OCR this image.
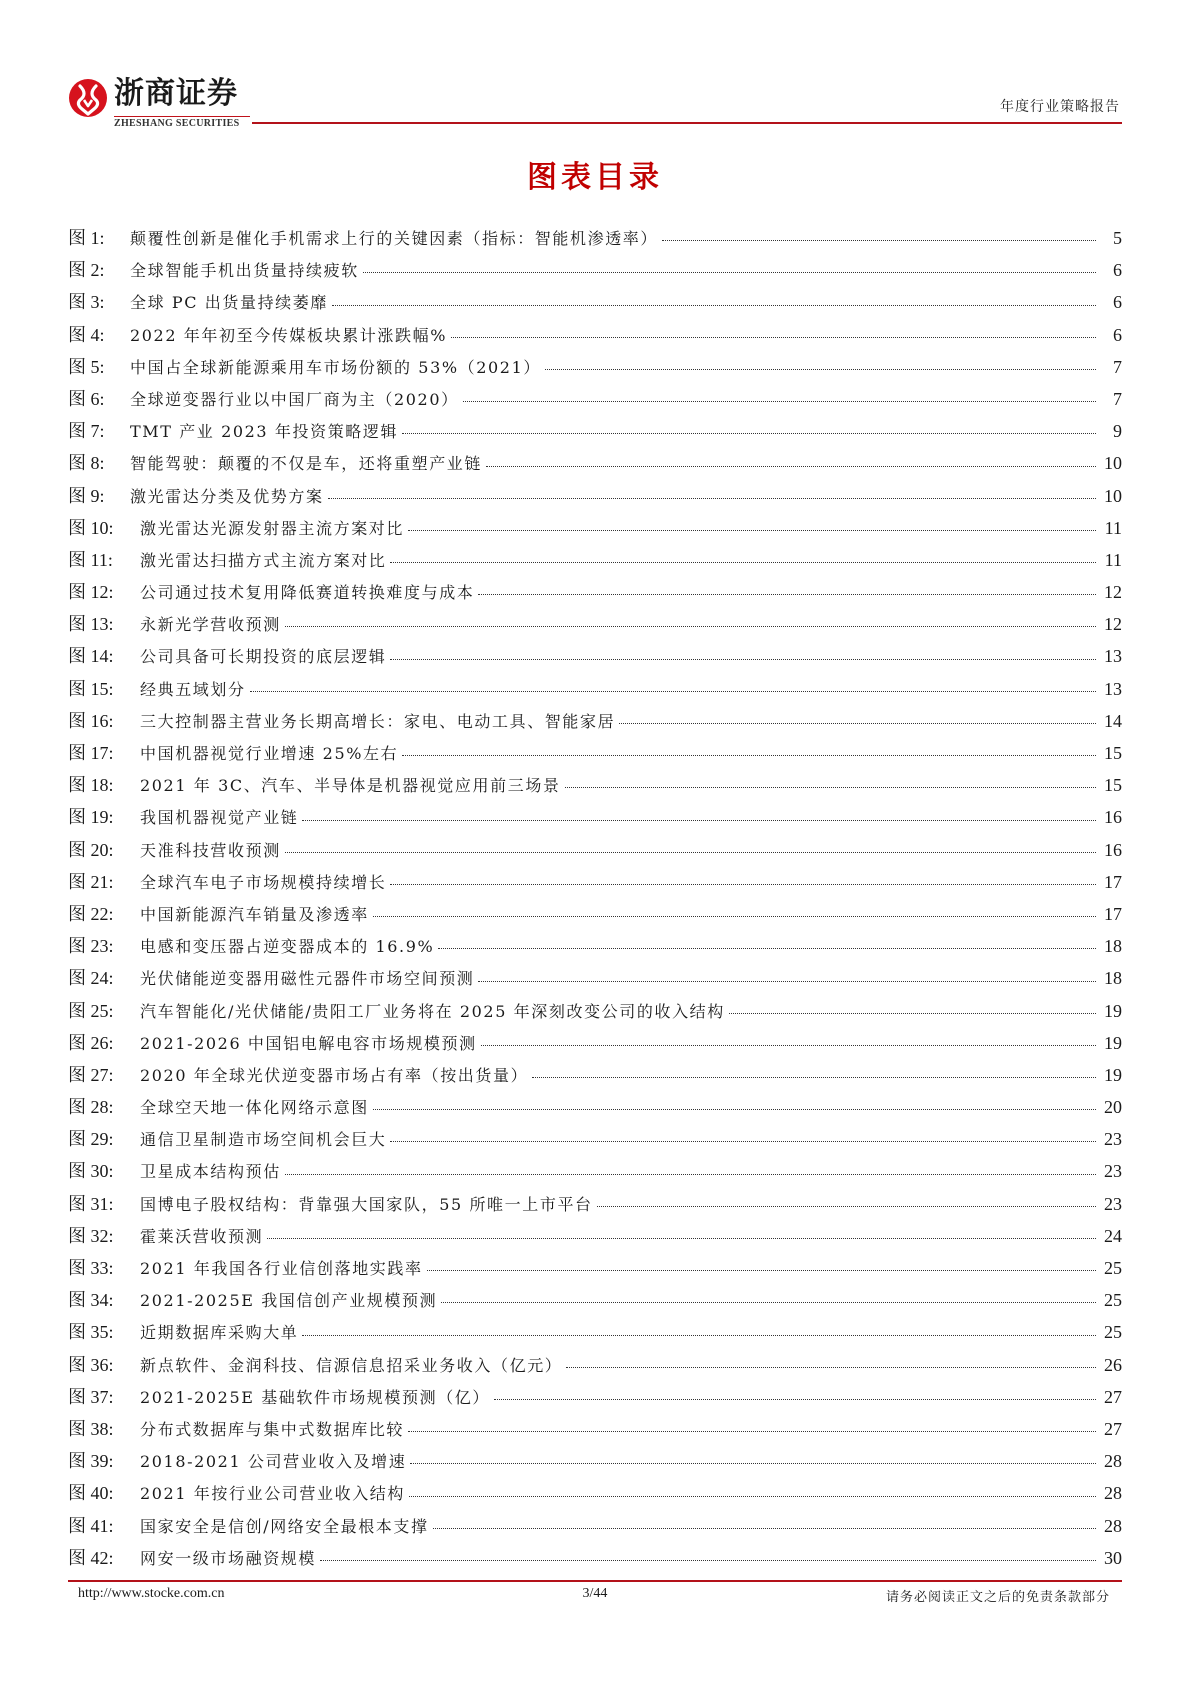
浙商证券
ZHESHANG SECURITIES
年度行业策略报告
图表目录
图 1:	颠覆性创新是催化手机需求上行的关键因素（指标：智能机渗透率）	5
图 2:	全球智能手机出货量持续疲软	6
图 3:	全球 PC 出货量持续萎靡	6
图 4:	2022 年年初至今传媒板块累计涨跌幅%	6
图 5:	中国占全球新能源乘用车市场份额的 53%（2021）	7
图 6:	全球逆变器行业以中国厂商为主（2020）	7
图 7:	TMT 产业 2023 年投资策略逻辑	9
图 8:	智能驾驶：颠覆的不仅是车，还将重塑产业链	10
图 9:	激光雷达分类及优势方案	10
图 10:	激光雷达光源发射器主流方案对比	11
图 11:	激光雷达扫描方式主流方案对比	11
图 12:	公司通过技术复用降低赛道转换难度与成本	12
图 13:	永新光学营收预测	12
图 14:	公司具备可长期投资的底层逻辑	13
图 15:	经典五域划分	13
图 16:	三大控制器主营业务长期高增长：家电、电动工具、智能家居	14
图 17:	中国机器视觉行业增速 25%左右	15
图 18:	2021 年 3C、汽车、半导体是机器视觉应用前三场景	15
图 19:	我国机器视觉产业链	16
图 20:	天准科技营收预测	16
图 21:	全球汽车电子市场规模持续增长	17
图 22:	中国新能源汽车销量及渗透率	17
图 23:	电感和变压器占逆变器成本的 16.9%	18
图 24:	光伏储能逆变器用磁性元器件市场空间预测	18
图 25:	汽车智能化/光伏储能/贵阳工厂业务将在 2025 年深刻改变公司的收入结构	19
图 26:	2021-2026 中国铝电解电容市场规模预测	19
图 27:	2020 年全球光伏逆变器市场占有率（按出货量）	19
图 28:	全球空天地一体化网络示意图	20
图 29:	通信卫星制造市场空间机会巨大	23
图 30:	卫星成本结构预估	23
图 31:	国博电子股权结构：背靠强大国家队，55 所唯一上市平台	23
图 32:	霍莱沃营收预测	24
图 33:	2021 年我国各行业信创落地实践率	25
图 34:	2021-2025E 我国信创产业规模预测	25
图 35:	近期数据库采购大单	25
图 36:	新点软件、金润科技、信源信息招采业务收入（亿元）	26
图 37:	2021-2025E 基础软件市场规模预测（亿）	27
图 38:	分布式数据库与集中式数据库比较	27
图 39:	2018-2021 公司营业收入及增速	28
图 40:	2021 年按行业公司营业收入结构	28
图 41:	国家安全是信创/网络安全最根本支撑	28
图 42:	网安一级市场融资规模	30
http://www.stocke.com.cn	3/44	请务必阅读正文之后的免责条款部分
